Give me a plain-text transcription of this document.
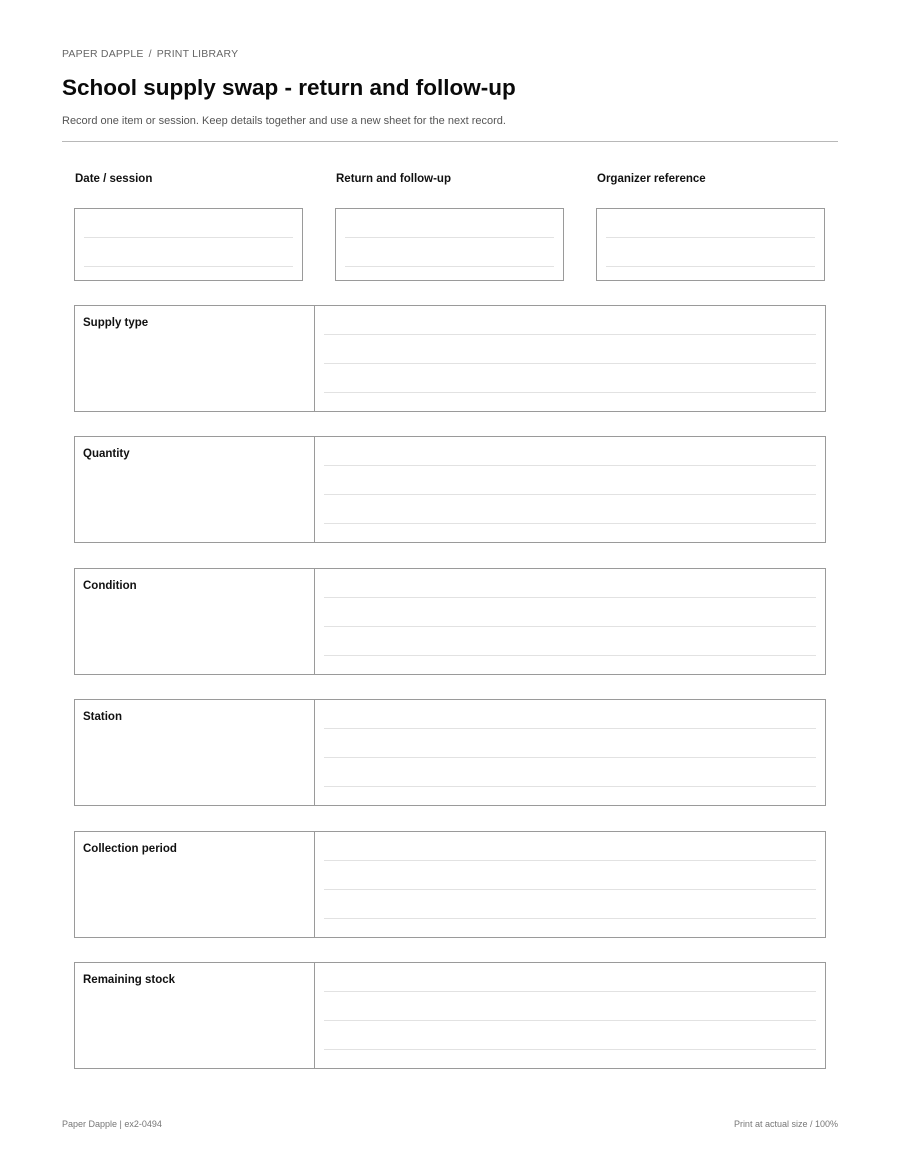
PAPER DAPPLE / PRINT LIBRARY
School supply swap - return and follow-up
Record one item or session. Keep details together and use a new sheet for the next record.
Date / session	Return and follow-up	Organizer reference
Supply type
Quantity
Condition
Station
Collection period
Remaining stock
Paper Dapple | ex2-0494	Print at actual size / 100%
